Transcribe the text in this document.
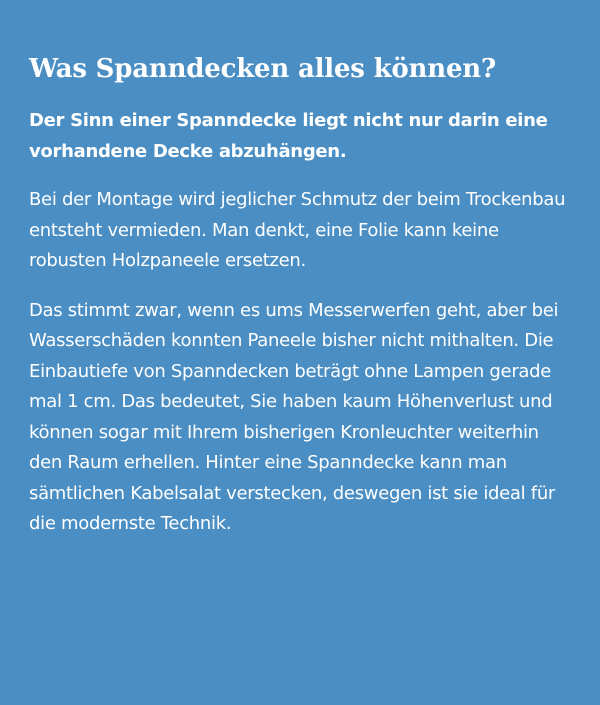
Was Spanndecken alles können?

Der Sinn einer Spanndecke liegt nicht nur darin eine vorhandene Decke abzuhängen.

Bei der Montage wird jeglicher Schmutz der beim Trockenbau entsteht vermieden. Man denkt, eine Folie kann keine robusten Holzpaneele ersetzen.

Das stimmt zwar, wenn es ums Messerwerfen geht, aber bei Wasserschäden konnten Paneele bisher nicht mithalten. Die Einbautiefe von Spanndecken beträgt ohne Lampen gerade mal 1 cm. Das bedeutet, Sie haben kaum Höhenverlust und können sogar mit Ihrem bisherigen Kronleuchter weiterhin den Raum erhellen. Hinter eine Spanndecke kann man sämtlichen Kabelsalat verstecken, deswegen ist sie ideal für die modernste Technik.
